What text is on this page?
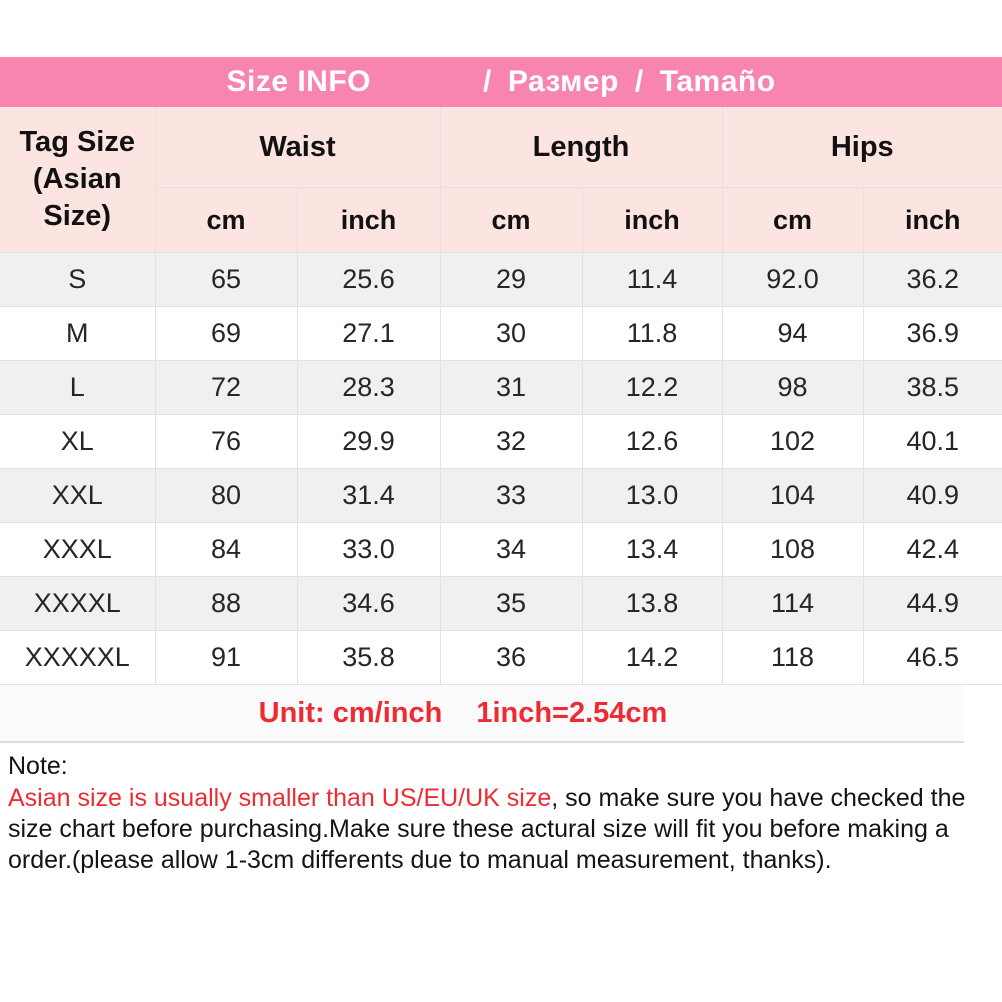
Size INFO	/ Размер / Tamaño
Tag Size (Asian Size)	Waist		Length		Hips	
	cm	inch	cm	inch	cm	inch
S	65	25.6	29	11.4	92.0	36.2
M	69	27.1	30	11.8	94	36.9
L	72	28.3	31	12.2	98	38.5
XL	76	29.9	32	12.6	102	40.1
XXL	80	31.4	33	13.0	104	40.9
XXXL	84	33.0	34	13.4	108	42.4
XXXXL	88	34.6	35	13.8	114	44.9
XXXXXL	91	35.8	36	14.2	118	46.5
Unit: cm/inch 1inch=2.54cm
Note:

Asian size is usually smaller than US/EU/UK size, so make sure you have checked the size chart before purchasing.Make sure these actural size will fit you before making a order.(please allow 1-3cm differents due to manual measurement, thanks).
